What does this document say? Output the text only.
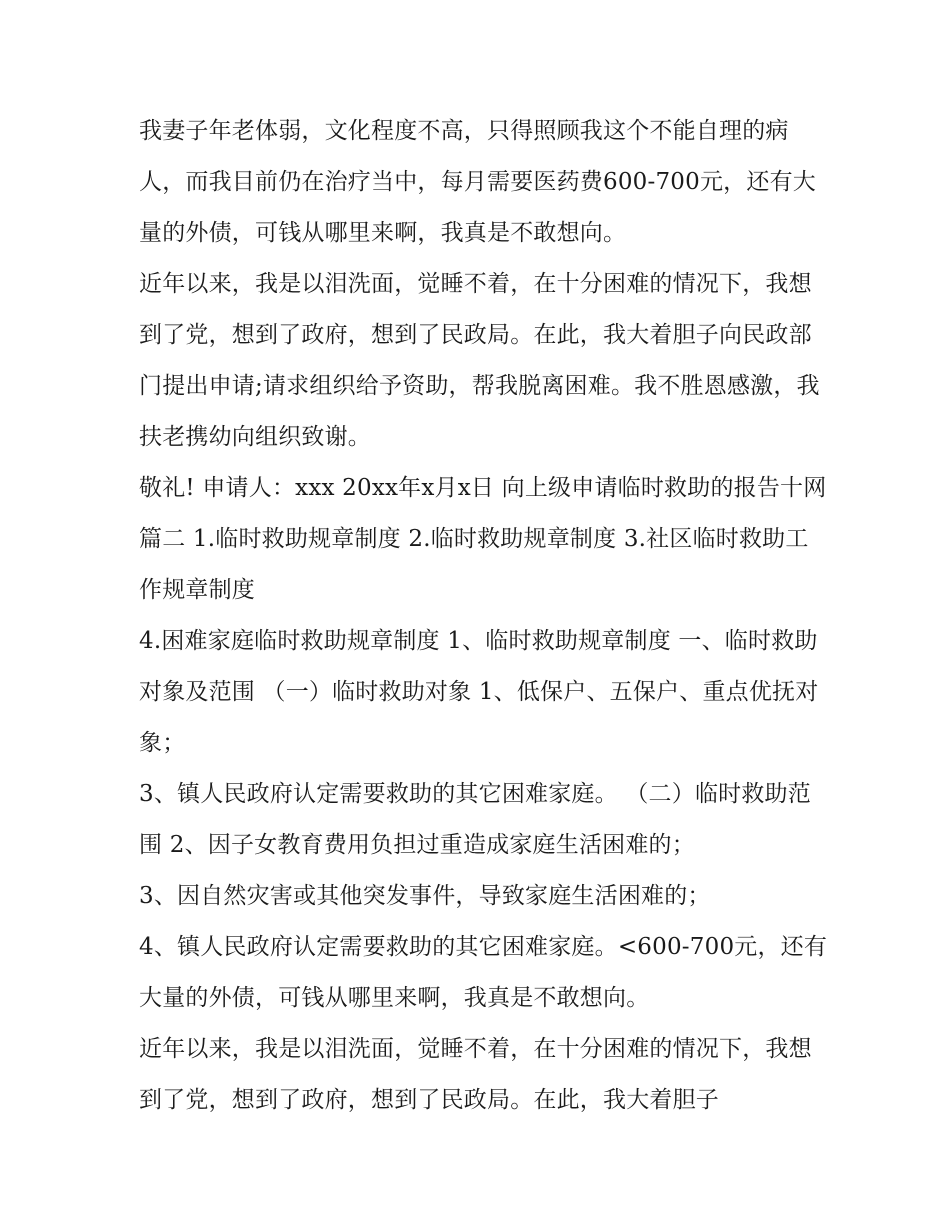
我妻子年老体弱，文化程度不高，只得照顾我这个不能自理的病人，而我目前仍在治疗当中，每月需要医药费600-700元，还有大量的外债，可钱从哪里来啊，我真是不敢想向。

近年以来，我是以泪洗面，觉睡不着，在十分困难的情况下，我想到了党，想到了政府，想到了民政局。在此，我大着胆子向民政部门提出申请;请求组织给予资助，帮我脱离困难。我不胜恩感激，我扶老携幼向组织致谢。

敬礼! 申请人：xxx 20xx年x月x日 向上级申请临时救助的报告十网篇二 1.临时救助规章制度 2.临时救助规章制度 3.社区临时救助工作规章制度

4.困难家庭临时救助规章制度 1、临时救助规章制度 一、临时救助对象及范围 （一）临时救助对象 1、低保户、五保户、重点优抚对象；

3、镇人民政府认定需要救助的其它困难家庭。 （二）临时救助范围 2、因子女教育费用负担过重造成家庭生活困难的；

3、因自然灾害或其他突发事件，导致家庭生活困难的；

4、镇人民政府认定需要救助的其它困难家庭。<600-700元，还有大量的外债，可钱从哪里来啊，我真是不敢想向。

近年以来，我是以泪洗面，觉睡不着，在十分困难的情况下，我想到了党，想到了政府，想到了民政局。在此，我大着胆子
